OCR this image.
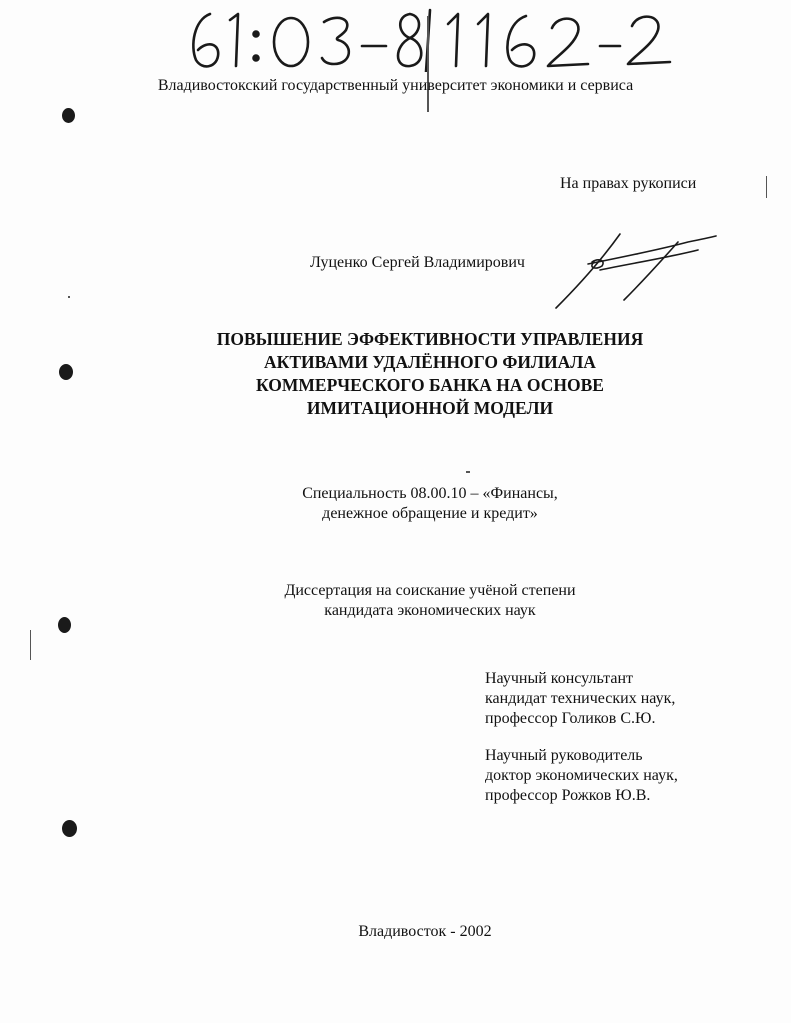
Владивостокский государственный университет экономики и сервиса
На правах рукописи
Луценко Сергей Владимирович
ПОВЫШЕНИЕ ЭФФЕКТИВНОСТИ УПРАВЛЕНИЯ
АКТИВАМИ УДАЛЁННОГО ФИЛИАЛА
КОММЕРЧЕСКОГО БАНКА НА ОСНОВЕ
ИМИТАЦИОННОЙ МОДЕЛИ
Специальность 08.00.10 – «Финансы,
денежное обращение и кредит»
Диссертация на соискание учёной степени
кандидата экономических наук
Научный консультант
кандидат технических наук,
профессор Голиков С.Ю.
Научный руководитель
доктор экономических наук,
профессор Рожков Ю.В.
Владивосток - 2002
